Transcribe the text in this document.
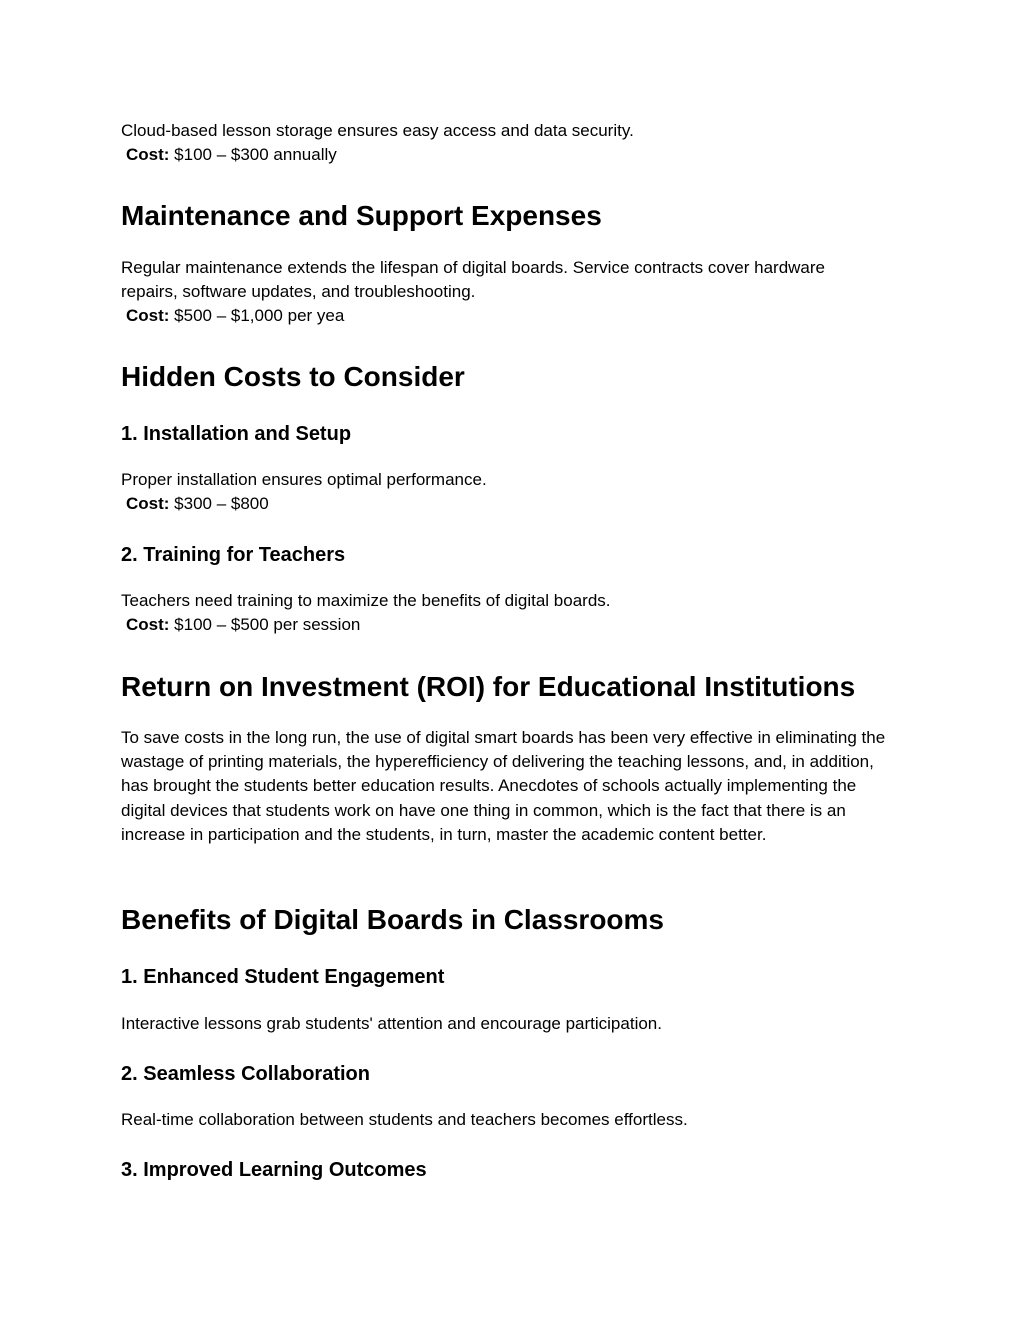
Cloud-based lesson storage ensures easy access and data security.
Cost: $100 – $300 annually
Maintenance and Support Expenses
Regular maintenance extends the lifespan of digital boards. Service contracts cover hardware
repairs, software updates, and troubleshooting.
Cost: $500 – $1,000 per yea
Hidden Costs to Consider
1. Installation and Setup
Proper installation ensures optimal performance.
Cost: $300 – $800
2. Training for Teachers
Teachers need training to maximize the benefits of digital boards.
Cost: $100 – $500 per session
Return on Investment (ROI) for Educational Institutions
To save costs in the long run, the use of digital smart boards has been very effective in eliminating the wastage of printing materials, the hyperefficiency of delivering the teaching lessons, and, in addition, has brought the students better education results. Anecdotes of schools actually implementing the digital devices that students work on have one thing in common, which is the fact that there is an increase in participation and the students, in turn, master the academic content better.
Benefits of Digital Boards in Classrooms
1. Enhanced Student Engagement
Interactive lessons grab students' attention and encourage participation.
2. Seamless Collaboration
Real-time collaboration between students and teachers becomes effortless.
3. Improved Learning Outcomes
